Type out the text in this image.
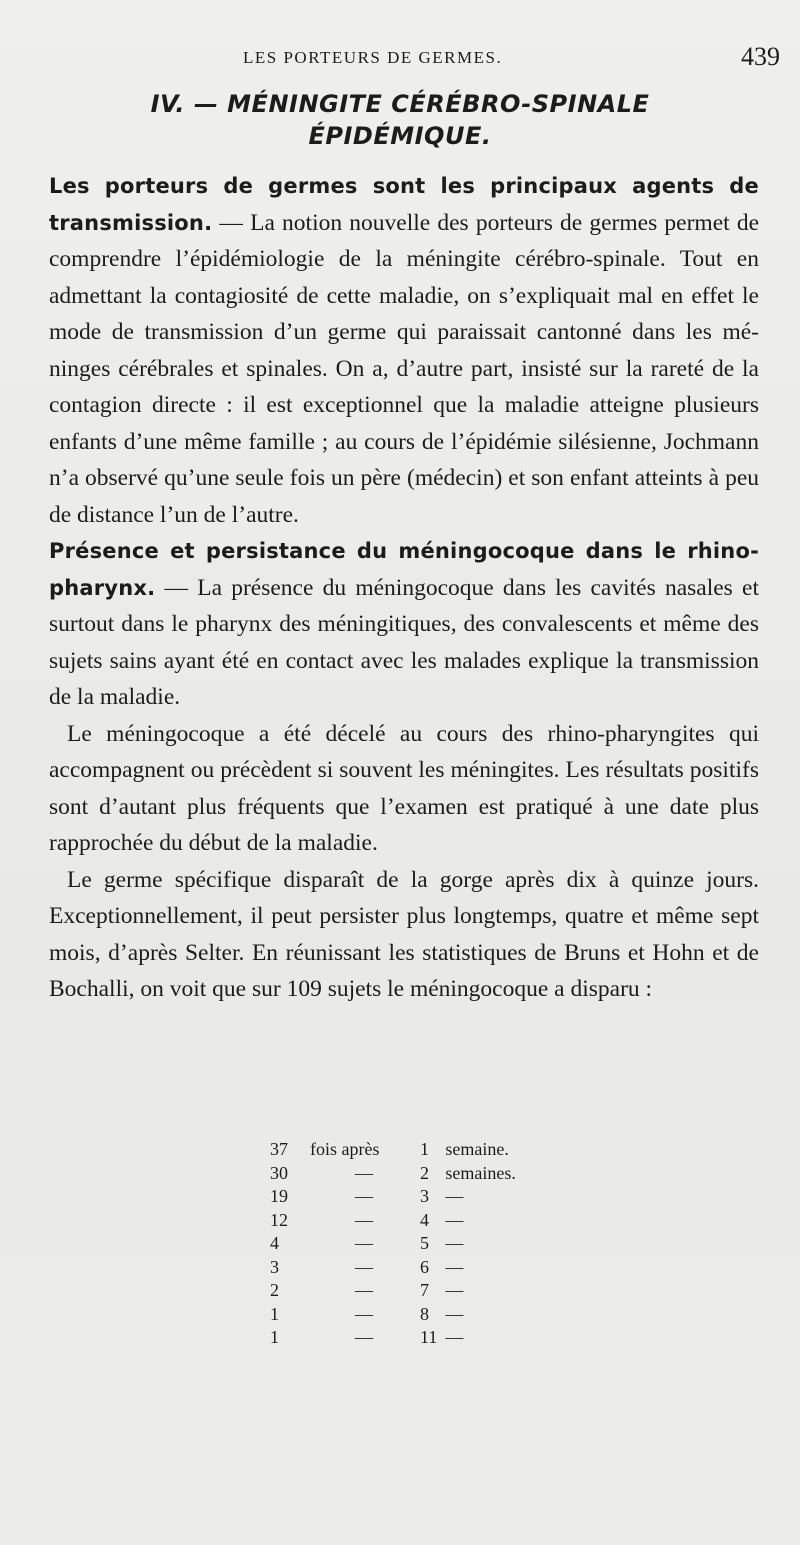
LES PORTEURS DE GERMES.	439
IV. — MÉNINGITE CÉRÉBRO-SPINALE
ÉPIDÉMIQUE.

Les porteurs de germes sont les principaux agents de transmission. — La notion nouvelle des porteurs de germes permet de comprendre l’épidémiologie de la méningite cérébro-spinale. Tout en admettant la contagiosité de cette maladie, on s’expliquait mal en effet le mode de transmission d’un germe qui paraissait cantonné dans les méninges cérébrales et spinales. On a, d’autre part, insisté sur la rareté de la contagion directe : il est exceptionnel que la maladie atteigne plusieurs enfants d’une même famille ; au cours de l’épidémie silésienne, Jochmann n’a observé qu’une seule fois un père (médecin) et son enfant atteints à peu de distance l’un de l’autre.

Présence et persistance du méningocoque dans le rhino-pharynx. — La présence du méningocoque dans les cavités nasales et surtout dans le pharynx des méningitiques, des convalescents et même des sujets sains ayant été en contact avec les malades explique la transmission de la maladie.

Le méningocoque a été décelé au cours des rhino-pharyngites qui accompagnent ou précèdent si souvent les méningites. Les résultats positifs sont d’autant plus fréquents que l’examen est pratiqué à une date plus rapprochée du début de la maladie.

Le germe spécifique disparaît de la gorge après dix à quinze jours. Exceptionnellement, il peut persister plus longtemps, quatre et même sept mois, d’après Selter. En réunissant les statistiques de Bruns et Hohn et de Bochalli, on voit que sur 109 sujets le méningocoque a disparu :

37	fois après	1	semaine.
30	—	2	semaines.
19	—	3	—
12	—	4	—
4	—	5	—
3	—	6	—
2	—	7	—
1	—	8	—
1	—	11	—
